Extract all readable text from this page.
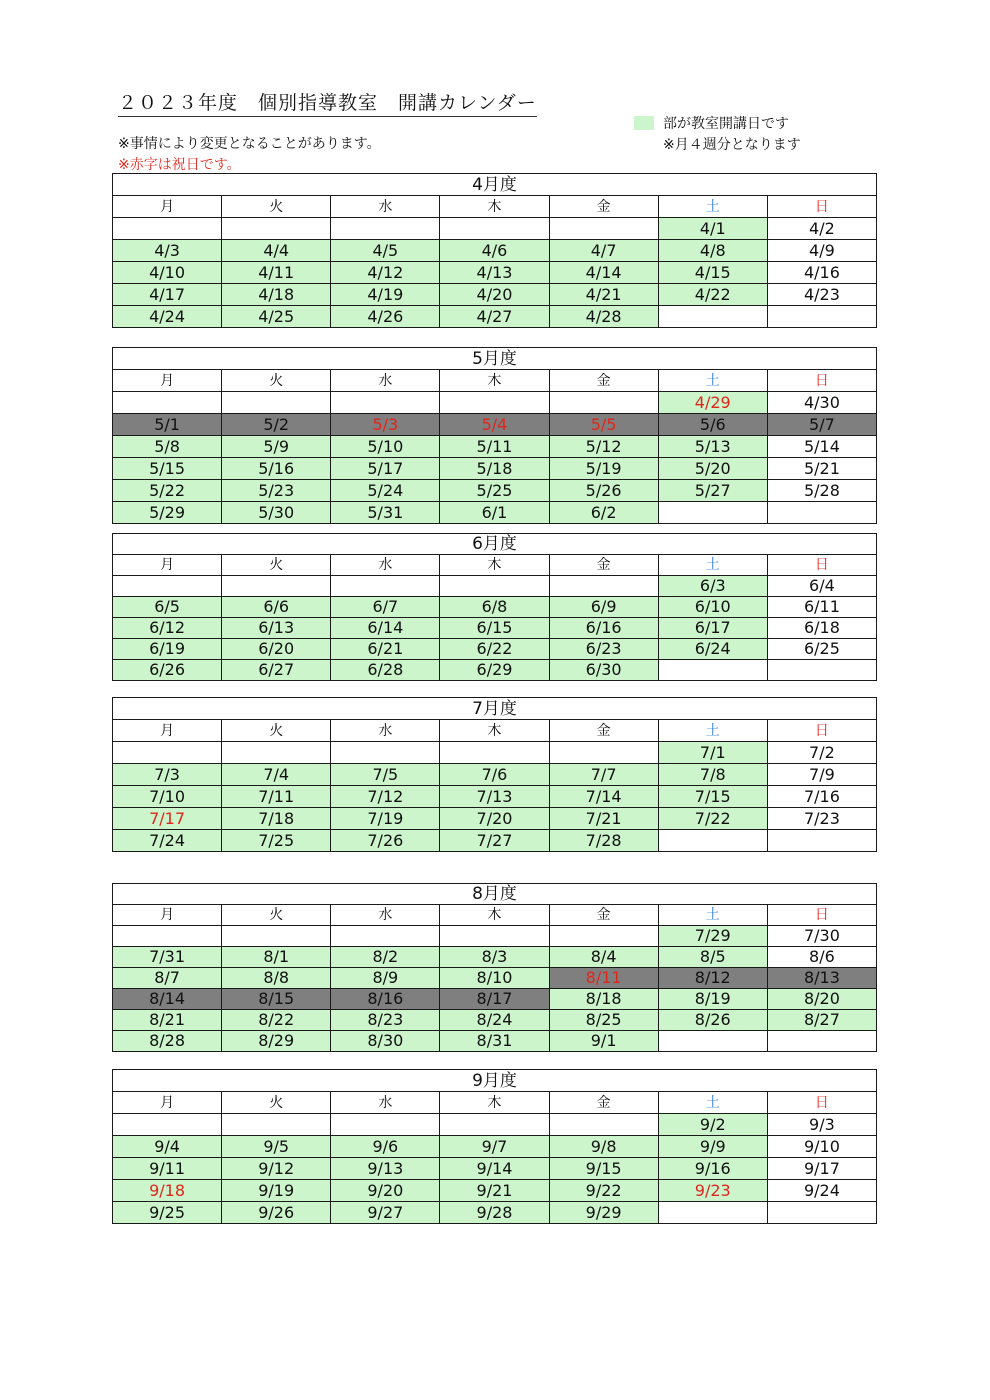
２０２３年度　個別指導教室　開講カレンダー
※事情により変更となることがあります。
※赤字は祝日です。
部が教室開講日です
※月４週分となります
4月度						
月	火	水	木	金	土	日
					4/1	4/2
4/3	4/4	4/5	4/6	4/7	4/8	4/9
4/10	4/11	4/12	4/13	4/14	4/15	4/16
4/17	4/18	4/19	4/20	4/21	4/22	4/23
4/24	4/25	4/26	4/27	4/28		
5月度						
月	火	水	木	金	土	日
					4/29	4/30
5/1	5/2	5/3	5/4	5/5	5/6	5/7
5/8	5/9	5/10	5/11	5/12	5/13	5/14
5/15	5/16	5/17	5/18	5/19	5/20	5/21
5/22	5/23	5/24	5/25	5/26	5/27	5/28
5/29	5/30	5/31	6/1	6/2		
6月度						
月	火	水	木	金	土	日
					6/3	6/4
6/5	6/6	6/7	6/8	6/9	6/10	6/11
6/12	6/13	6/14	6/15	6/16	6/17	6/18
6/19	6/20	6/21	6/22	6/23	6/24	6/25
6/26	6/27	6/28	6/29	6/30		
7月度						
月	火	水	木	金	土	日
					7/1	7/2
7/3	7/4	7/5	7/6	7/7	7/8	7/9
7/10	7/11	7/12	7/13	7/14	7/15	7/16
7/17	7/18	7/19	7/20	7/21	7/22	7/23
7/24	7/25	7/26	7/27	7/28		
8月度						
月	火	水	木	金	土	日
					7/29	7/30
7/31	8/1	8/2	8/3	8/4	8/5	8/6
8/7	8/8	8/9	8/10	8/11	8/12	8/13
8/14	8/15	8/16	8/17	8/18	8/19	8/20
8/21	8/22	8/23	8/24	8/25	8/26	8/27
8/28	8/29	8/30	8/31	9/1		
9月度						
月	火	水	木	金	土	日
					9/2	9/3
9/4	9/5	9/6	9/7	9/8	9/9	9/10
9/11	9/12	9/13	9/14	9/15	9/16	9/17
9/18	9/19	9/20	9/21	9/22	9/23	9/24
9/25	9/26	9/27	9/28	9/29		
